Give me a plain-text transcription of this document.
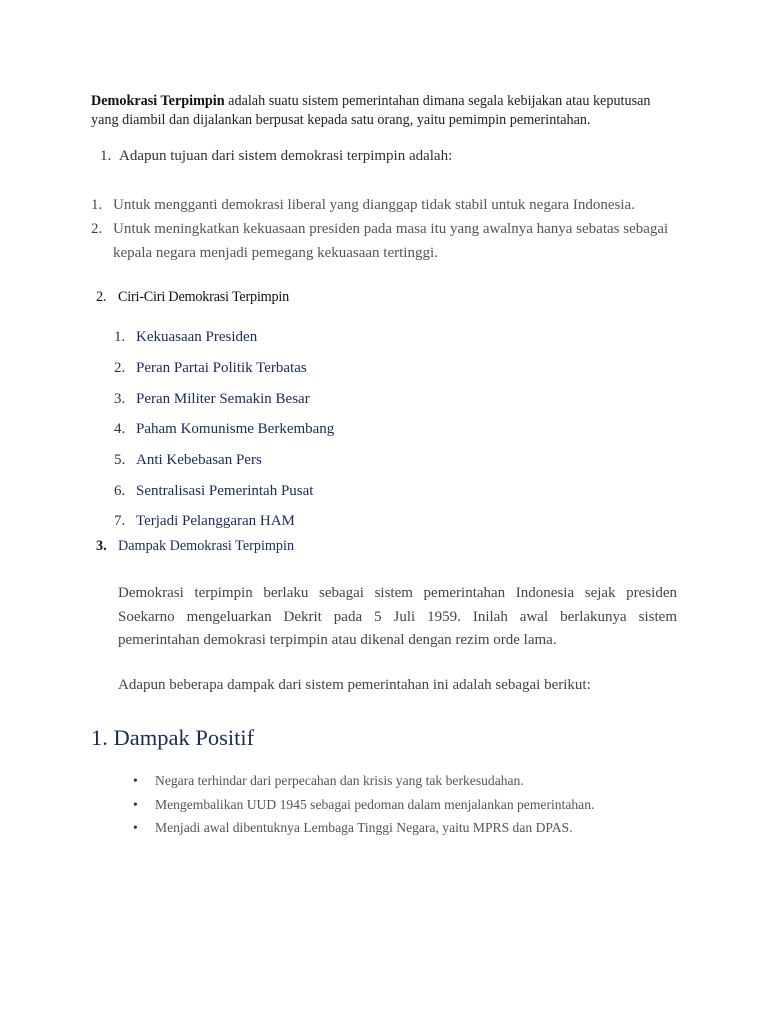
Demokrasi Terpimpin adalah suatu sistem pemerintahan dimana segala kebijakan atau keputusan yang diambil dan dijalankan berpusat kepada satu orang, yaitu pemimpin pemerintahan.

1. Adapun tujuan dari sistem demokrasi terpimpin adalah:
1. Untuk mengganti demokrasi liberal yang dianggap tidak stabil untuk negara Indonesia.
2. Untuk meningkatkan kekuasaan presiden pada masa itu yang awalnya hanya sebatas sebagai
kepala negara menjadi pemegang kekuasaan tertinggi.
2. Ciri-Ciri Demokrasi Terpimpin
1. Kekuasaan Presiden
2. Peran Partai Politik Terbatas
3. Peran Militer Semakin Besar
4. Paham Komunisme Berkembang
5. Anti Kebebasan Pers
6. Sentralisasi Pemerintah Pusat
7. Terjadi Pelanggaran HAM
3. Dampak Demokrasi Terpimpin

Demokrasi terpimpin berlaku sebagai sistem pemerintahan Indonesia sejak presiden Soekarno mengeluarkan Dekrit pada 5 Juli 1959. Inilah awal berlakunya sistem pemerintahan demokrasi terpimpin atau dikenal dengan rezim orde lama.

Adapun beberapa dampak dari sistem pemerintahan ini adalah sebagai berikut:

1. Dampak Positif
• Negara terhindar dari perpecahan dan krisis yang tak berkesudahan.
• Mengembalikan UUD 1945 sebagai pedoman dalam menjalankan pemerintahan.
• Menjadi awal dibentuknya Lembaga Tinggi Negara, yaitu MPRS dan DPAS.
